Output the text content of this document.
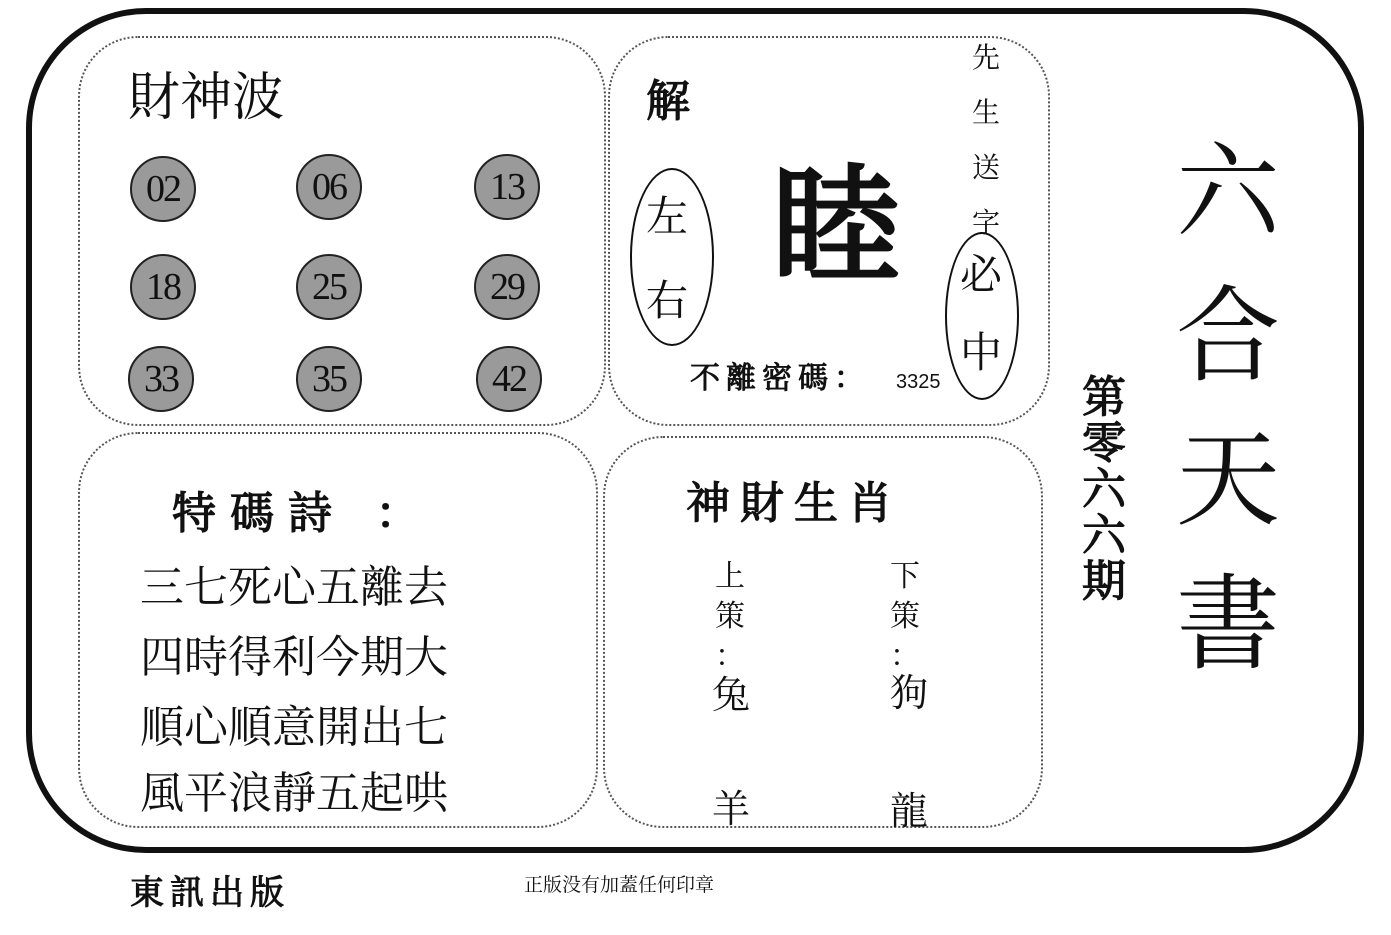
財神波
02	06	13
18	25	29
33	35	42
解
左
右 睦
先
生
送
字
必
中
不離密碼： 3325
特碼詩 ：
三七死心五離去
四時得利今期大
順心順意開出七
風平浪靜五起哄
神財生肖
上
策
：
兔
羊
下
策
：
狗
龍
第
零
六
六
期
六
合
天
書
東訊出版	正版没有加蓋任何印章
